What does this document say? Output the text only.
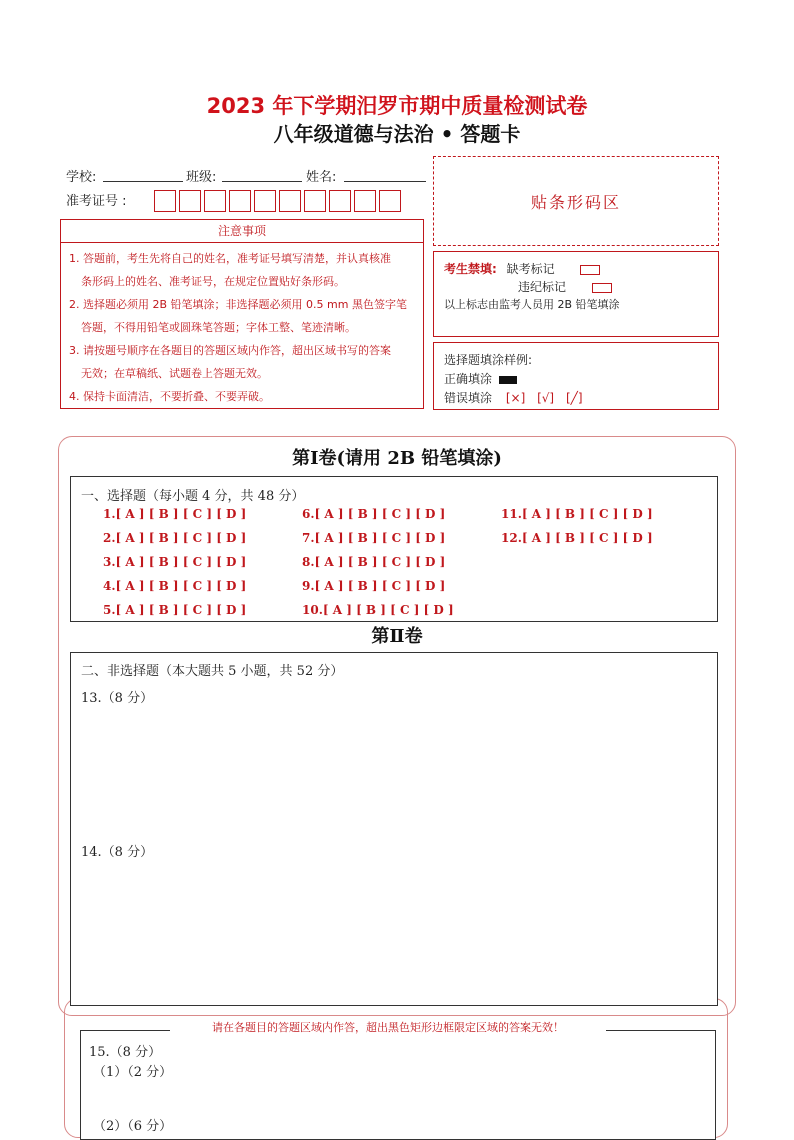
2023 年下学期汨罗市期中质量检测试卷
八年级道德与法治 • 答题卡
学校:	班级:	姓名:
准考证号 :
注意事项
1. 答题前，考生先将自己的姓名，准考证号填写清楚，并认真核准
条形码上的姓名、准考证号，在规定位置贴好条形码。
2. 选择题必须用 2B 铅笔填涂；非选择题必须用 0.5 mm 黑色签字笔
答题，不得用铅笔或圆珠笔答题；字体工整、笔迹清晰。
3. 请按题号顺序在各题目的答题区域内作答，超出区域书写的答案
无效；在草稿纸、试题卷上答题无效。
4. 保持卡面清洁，不要折叠、不要弄破。
贴条形码区
考生禁填: 缺考标记
违纪标记
以上标志由监考人员用 2B 铅笔填涂
选择题填涂样例:
正确填涂
错误填涂 [×] [√] [╱]
第Ⅰ卷(请用 2B 铅笔填涂)
一、选择题（每小题 4 分，共 48 分）
1.[ A ] [ B ] [ C ] [ D ]
2.[ A ] [ B ] [ C ] [ D ]
3.[ A ] [ B ] [ C ] [ D ]
4.[ A ] [ B ] [ C ] [ D ]
5.[ A ] [ B ] [ C ] [ D ]
6.[ A ] [ B ] [ C ] [ D ]
7.[ A ] [ B ] [ C ] [ D ]
8.[ A ] [ B ] [ C ] [ D ]
9.[ A ] [ B ] [ C ] [ D ]
10.[ A ] [ B ] [ C ] [ D ]
11.[ A ] [ B ] [ C ] [ D ]
12.[ A ] [ B ] [ C ] [ D ]
第Ⅱ卷
二、非选择题（本大题共 5 小题，共 52 分）
13.（8 分）
14.（8 分）
15.（8 分）
（1）（2 分）
（2）（6 分）
请在各题目的答题区域内作答，超出黑色矩形边框限定区域的答案无效！
